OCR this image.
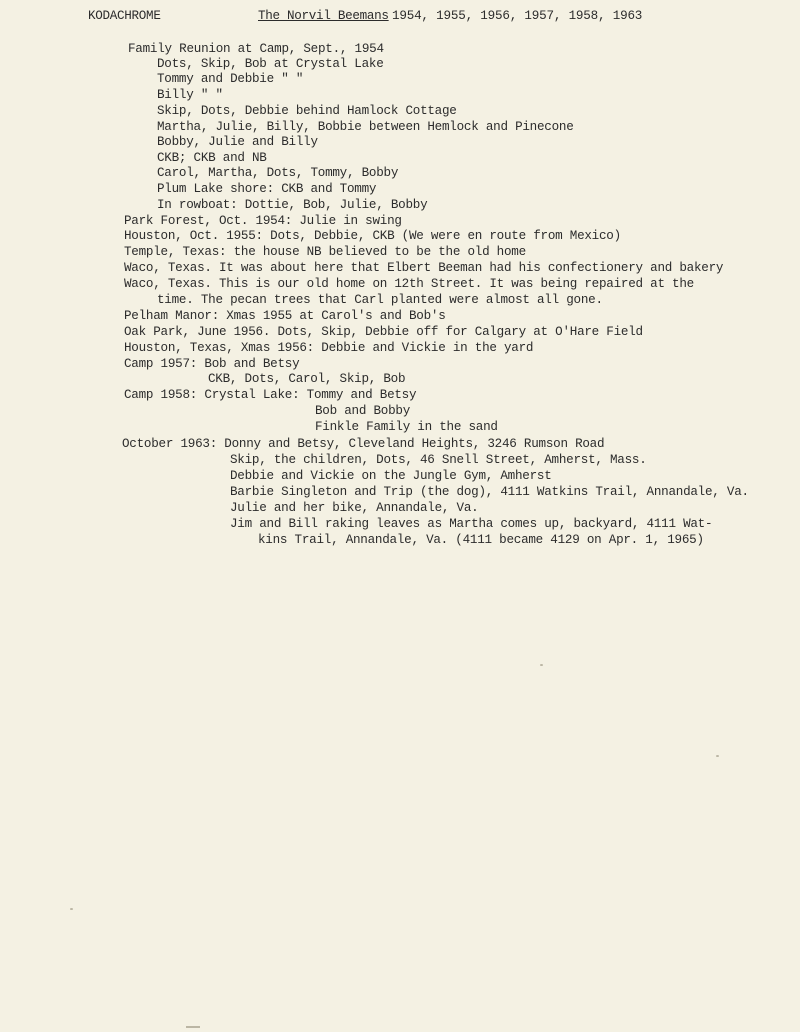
KODACHROME	The Norvil Beemans 1954, 1955, 1956, 1957, 1958, 1963
Family Reunion at Camp, Sept., 1954
Dots, Skip, Bob at Crystal Lake
Tommy and Debbie " "
Billy " "
Skip, Dots, Debbie behind Hamlock Cottage
Martha, Julie, Billy, Bobbie between Hemlock and Pinecone
Bobby, Julie and Billy
CKB; CKB and NB
Carol, Martha, Dots, Tommy, Bobby
Plum Lake shore: CKB and Tommy
In rowboat: Dottie, Bob, Julie, Bobby
Park Forest, Oct. 1954: Julie in swing
Houston, Oct. 1955: Dots, Debbie, CKB (We were en route from Mexico)
Temple, Texas: the house NB believed to be the old home
Waco, Texas. It was about here that Elbert Beeman had his confectionery and bakery
Waco, Texas. This is our old home on 12th Street. It was being repaired at the
time. The pecan trees that Carl planted were almost all gone.
Pelham Manor: Xmas 1955 at Carol's and Bob's
Oak Park, June 1956. Dots, Skip, Debbie off for Calgary at O'Hare Field
Houston, Texas, Xmas 1956: Debbie and Vickie in the yard
Camp 1957: Bob and Betsy
CKB, Dots, Carol, Skip, Bob
Camp 1958: Crystal Lake: Tommy and Betsy
Bob and Bobby
Finkle Family in the sand
October 1963: Donny and Betsy, Cleveland Heights, 3246 Rumson Road
Skip, the children, Dots, 46 Snell Street, Amherst, Mass.
Debbie and Vickie on the Jungle Gym, Amherst
Barbie Singleton and Trip (the dog), 4111 Watkins Trail, Annandale, Va.
Julie and her bike, Annandale, Va.
Jim and Bill raking leaves as Martha comes up, backyard, 4111 Wat-
kins Trail, Annandale, Va. (4111 became 4129 on Apr. 1, 1965)
